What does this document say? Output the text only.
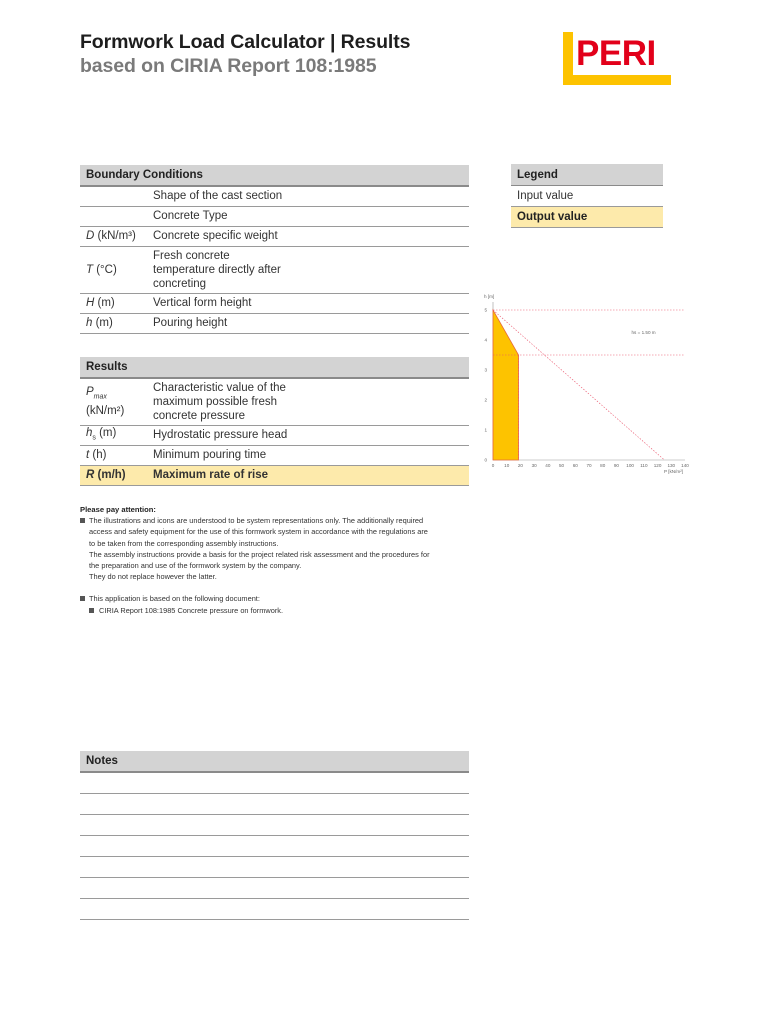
Formwork Load Calculator | Results
based on CIRIA Report 108:1985	PERI
Boundary Conditions	
	Shape of the cast section
	Concrete Type
D (kN/m³)	Concrete specific weight
T (°C)	Fresh concrete temperature directly after concreting
H (m)	Vertical form height
h (m)	Pouring height
Results	
$P_{max}$
(kN/m²)	Characteristic value of the maximum possible fresh concrete pressure
$h_s$ (m)	Hydrostatic pressure head
t (h)	Minimum pouring time
R (m/h)	Maximum rate of rise
Legend
Input value
Output value
hs = 1.50 m
0
1
2
3
4
5
0 10 20 30 40 50 60 70 80 90 100 110 120 130 140
h [m]
P [kN/m²]
Please pay attention:
The illustrations and icons are understood to be system representations only. The additionally required
access and safety equipment for the use of this formwork system in accordance with the regulations are
to be taken from the corresponding assembly instructions.
The assembly instructions provide a basis for the project related risk assessment and the procedures for
the preparation and use of the formwork system by the company.
They do not replace however the latter.
This application is based on the following document:
CIRIA Report 108:1985 Concrete pressure on formwork.
Notes
